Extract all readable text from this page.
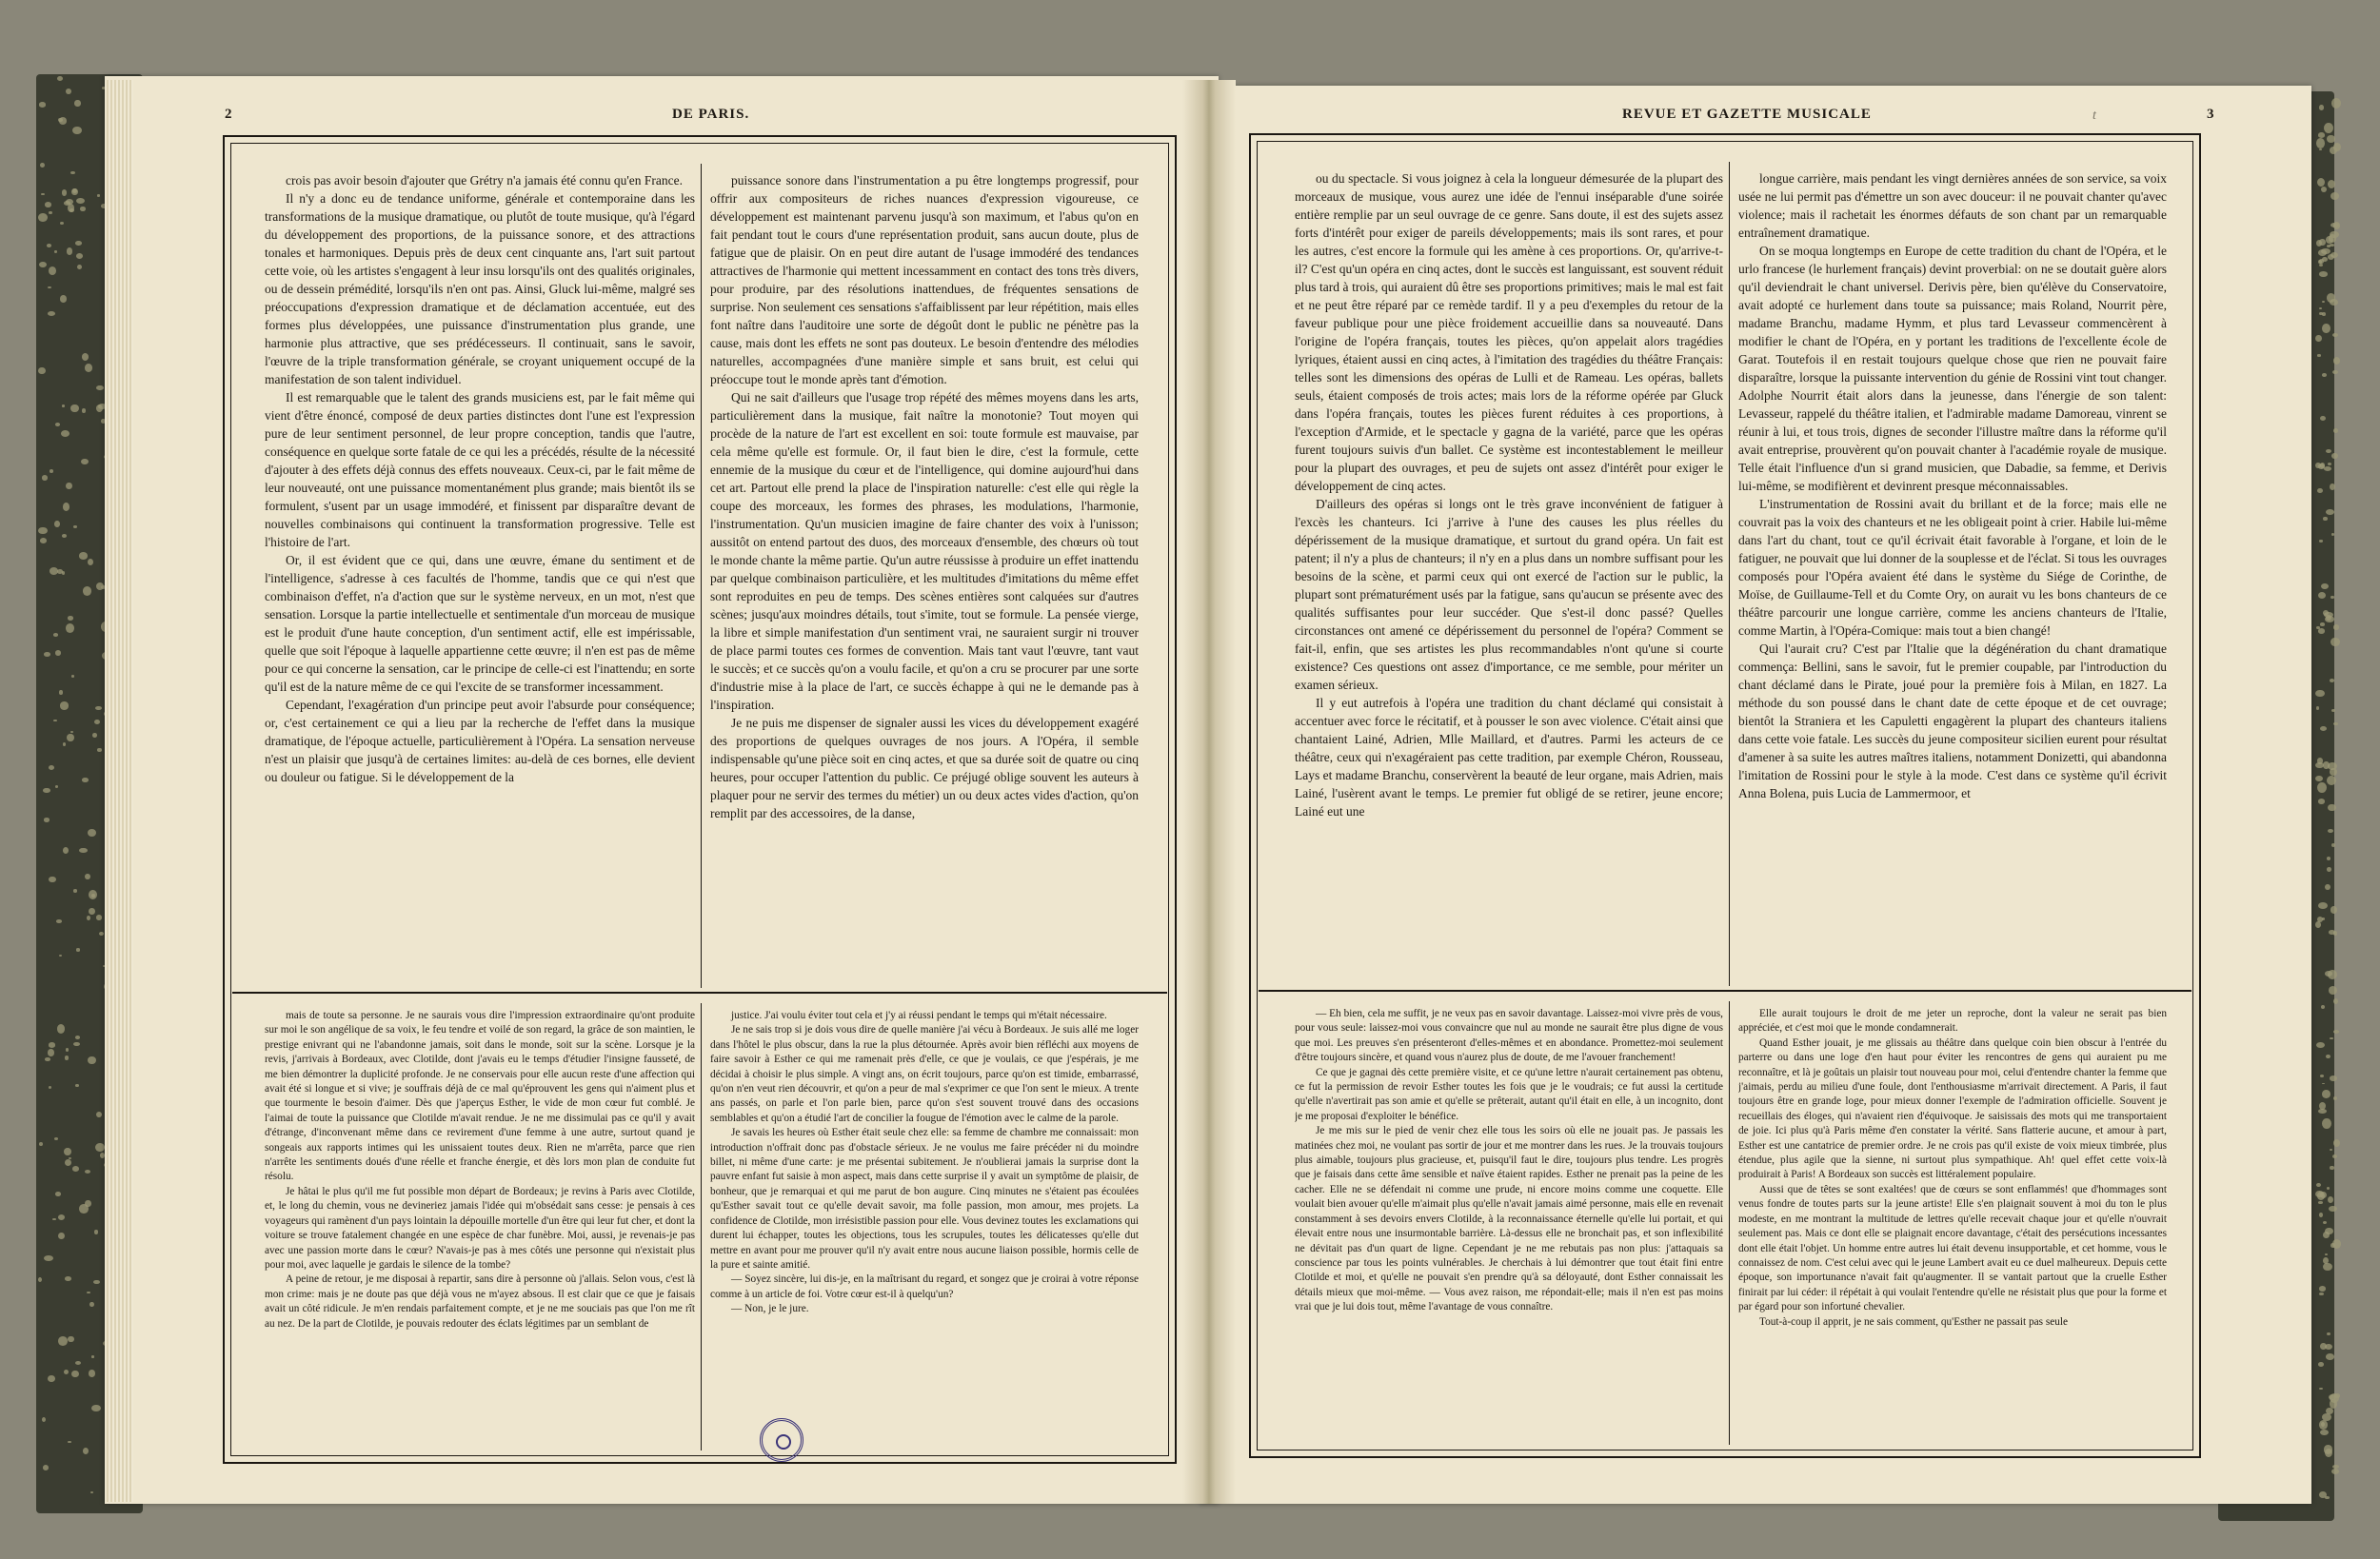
2	DE PARIS.

crois pas avoir besoin d'ajouter que Grétry n'a jamais été connu qu'en France.

Il n'y a donc eu de tendance uniforme, générale et contemporaine dans les transformations de la musique dramatique, ou plutôt de toute musique, qu'à l'égard du développement des proportions, de la puissance sonore, et des attractions tonales et harmoniques. Depuis près de deux cent cinquante ans, l'art suit partout cette voie, où les artistes s'engagent à leur insu lorsqu'ils ont des qualités originales, ou de dessein prémédité, lorsqu'ils n'en ont pas. Ainsi, Gluck lui-même, malgré ses préoccupations d'expression dramatique et de déclamation accentuée, eut des formes plus développées, une puissance d'instrumentation plus grande, une harmonie plus attractive, que ses prédécesseurs. Il continuait, sans le savoir, l'œuvre de la triple transformation générale, se croyant uniquement occupé de la manifestation de son talent individuel.

Il est remarquable que le talent des grands musiciens est, par le fait même qui vient d'être énoncé, composé de deux parties distinctes dont l'une est l'expression pure de leur sentiment personnel, de leur propre conception, tandis que l'autre, conséquence en quelque sorte fatale de ce qui les a précédés, résulte de la nécessité d'ajouter à des effets déjà connus des effets nouveaux. Ceux-ci, par le fait même de leur nouveauté, ont une puissance momentanément plus grande; mais bientôt ils se formulent, s'usent par un usage immodéré, et finissent par disparaître devant de nouvelles combinaisons qui continuent la transformation progressive. Telle est l'histoire de l'art.

Or, il est évident que ce qui, dans une œuvre, émane du sentiment et de l'intelligence, s'adresse à ces facultés de l'homme, tandis que ce qui n'est que combinaison d'effet, n'a d'action que sur le système nerveux, en un mot, n'est que sensation. Lorsque la partie intellectuelle et sentimentale d'un morceau de musique est le produit d'une haute conception, d'un sentiment actif, elle est impérissable, quelle que soit l'époque à laquelle appartienne cette œuvre; il n'en est pas de même pour ce qui concerne la sensation, car le principe de celle-ci est l'inattendu; en sorte qu'il est de la nature même de ce qui l'excite de se transformer incessamment.

Cependant, l'exagération d'un principe peut avoir l'absurde pour conséquence; or, c'est certainement ce qui a lieu par la recherche de l'effet dans la musique dramatique, de l'époque actuelle, particulièrement à l'Opéra. La sensation nerveuse n'est un plaisir que jusqu'à de certaines limites: au-delà de ces bornes, elle devient ou douleur ou fatigue. Si le développement de la

puissance sonore dans l'instrumentation a pu être longtemps progressif, pour offrir aux compositeurs de riches nuances d'expression vigoureuse, ce développement est maintenant parvenu jusqu'à son maximum, et l'abus qu'on en fait pendant tout le cours d'une représentation produit, sans aucun doute, plus de fatigue que de plaisir. On en peut dire autant de l'usage immodéré des tendances attractives de l'harmonie qui mettent incessamment en contact des tons très divers, pour produire, par des résolutions inattendues, de fréquentes sensations de surprise. Non seulement ces sensations s'affaiblissent par leur répétition, mais elles font naître dans l'auditoire une sorte de dégoût dont le public ne pénètre pas la cause, mais dont les effets ne sont pas douteux. Le besoin d'entendre des mélodies naturelles, accompagnées d'une manière simple et sans bruit, est celui qui préoccupe tout le monde après tant d'émotion.

Qui ne sait d'ailleurs que l'usage trop répété des mêmes moyens dans les arts, particulièrement dans la musique, fait naître la monotonie? Tout moyen qui procède de la nature de l'art est excellent en soi: toute formule est mauvaise, par cela même qu'elle est formule. Or, il faut bien le dire, c'est la formule, cette ennemie de la musique du cœur et de l'intelligence, qui domine aujourd'hui dans cet art. Partout elle prend la place de l'inspiration naturelle: c'est elle qui règle la coupe des morceaux, les formes des phrases, les modulations, l'harmonie, l'instrumentation. Qu'un musicien imagine de faire chanter des voix à l'unisson; aussitôt on entend partout des duos, des morceaux d'ensemble, des chœurs où tout le monde chante la même partie. Qu'un autre réussisse à produire un effet inattendu par quelque combinaison particulière, et les multitudes d'imitations du même effet sont reproduites en peu de temps. Des scènes entières sont calquées sur d'autres scènes; jusqu'aux moindres détails, tout s'imite, tout se formule. La pensée vierge, la libre et simple manifestation d'un sentiment vrai, ne sauraient surgir ni trouver de place parmi toutes ces formes de convention. Mais tant vaut l'œuvre, tant vaut le succès; et ce succès qu'on a voulu facile, et qu'on a cru se procurer par une sorte d'industrie mise à la place de l'art, ce succès échappe à qui ne le demande pas à l'inspiration.

Je ne puis me dispenser de signaler aussi les vices du développement exagéré des proportions de quelques ouvrages de nos jours. A l'Opéra, il semble indispensable qu'une pièce soit en cinq actes, et que sa durée soit de quatre ou cinq heures, pour occuper l'attention du public. Ce préjugé oblige souvent les auteurs à plaquer pour ne servir des termes du métier) un ou deux actes vides d'action, qu'on remplit par des accessoires, de la danse,

mais de toute sa personne. Je ne saurais vous dire l'impression extraordinaire qu'ont produite sur moi le son angélique de sa voix, le feu tendre et voilé de son regard, la grâce de son maintien, le prestige enivrant qui ne l'abandonne jamais, soit dans le monde, soit sur la scène. Lorsque je la revis, j'arrivais à Bordeaux, avec Clotilde, dont j'avais eu le temps d'étudier l'insigne fausseté, de me bien démontrer la duplicité profonde. Je ne conservais pour elle aucun reste d'une affection qui avait été si longue et si vive; je souffrais déjà de ce mal qu'éprouvent les gens qui n'aiment plus et que tourmente le besoin d'aimer. Dès que j'aperçus Esther, le vide de mon cœur fut comblé. Je l'aimai de toute la puissance que Clotilde m'avait rendue. Je ne me dissimulai pas ce qu'il y avait d'étrange, d'inconvenant même dans ce revirement d'une femme à une autre, surtout quand je songeais aux rapports intimes qui les unissaient toutes deux. Rien ne m'arrêta, parce que rien n'arrête les sentiments doués d'une réelle et franche énergie, et dès lors mon plan de conduite fut résolu.

Je hâtai le plus qu'il me fut possible mon départ de Bordeaux; je revins à Paris avec Clotilde, et, le long du chemin, vous ne devineriez jamais l'idée qui m'obsédait sans cesse: je pensais à ces voyageurs qui ramènent d'un pays lointain la dépouille mortelle d'un être qui leur fut cher, et dont la voiture se trouve fatalement changée en une espèce de char funèbre. Moi, aussi, je revenais-je pas avec une passion morte dans le cœur? N'avais-je pas à mes côtés une personne qui n'existait plus pour moi, avec laquelle je gardais le silence de la tombe?

A peine de retour, je me disposai à repartir, sans dire à personne où j'allais. Selon vous, c'est là mon crime: mais je ne doute pas que déjà vous ne m'ayez absous. Il est clair que ce que je faisais avait un côté ridicule. Je m'en rendais parfaitement compte, et je ne me souciais pas que l'on me rît au nez. De la part de Clotilde, je pouvais redouter des éclats légitimes par un semblant de

justice. J'ai voulu éviter tout cela et j'y ai réussi pendant le temps qui m'était nécessaire.

Je ne sais trop si je dois vous dire de quelle manière j'ai vécu à Bordeaux. Je suis allé me loger dans l'hôtel le plus obscur, dans la rue la plus détournée. Après avoir bien réfléchi aux moyens de faire savoir à Esther ce qui me ramenait près d'elle, ce que je voulais, ce que j'espérais, je me décidai à choisir le plus simple. A vingt ans, on écrit toujours, parce qu'on est timide, embarrassé, qu'on n'en veut rien découvrir, et qu'on a peur de mal s'exprimer ce que l'on sent le mieux. A trente ans passés, on parle et l'on parle bien, parce qu'on s'est souvent trouvé dans des occasions semblables et qu'on a étudié l'art de concilier la fougue de l'émotion avec le calme de la parole.

Je savais les heures où Esther était seule chez elle: sa femme de chambre me connaissait: mon introduction n'offrait donc pas d'obstacle sérieux. Je ne voulus me faire précéder ni du moindre billet, ni même d'une carte: je me présentai subitement. Je n'oublierai jamais la surprise dont la pauvre enfant fut saisie à mon aspect, mais dans cette surprise il y avait un symptôme de plaisir, de bonheur, que je remarquai et qui me parut de bon augure. Cinq minutes ne s'étaient pas écoulées qu'Esther savait tout ce qu'elle devait savoir, ma folle passion, mon amour, mes projets. La confidence de Clotilde, mon irrésistible passion pour elle. Vous devinez toutes les exclamations qui durent lui échapper, toutes les objections, tous les scrupules, toutes les délicatesses qu'elle dut mettre en avant pour me prouver qu'il n'y avait entre nous aucune liaison possible, hormis celle de la pure et sainte amitié.

— Soyez sincère, lui dis-je, en la maîtrisant du regard, et songez que je croirai à votre réponse comme à un article de foi. Votre cœur est-il à quelqu'un?

— Non, je le jure.

REVUE ET GAZETTE MUSICALE	t	3

ou du spectacle. Si vous joignez à cela la longueur démesurée de la plupart des morceaux de musique, vous aurez une idée de l'ennui inséparable d'une soirée entière remplie par un seul ouvrage de ce genre. Sans doute, il est des sujets assez forts d'intérêt pour exiger de pareils développements; mais ils sont rares, et pour les autres, c'est encore la formule qui les amène à ces proportions. Or, qu'arrive-t-il? C'est qu'un opéra en cinq actes, dont le succès est languissant, est souvent réduit plus tard à trois, qui auraient dû être ses proportions primitives; mais le mal est fait et ne peut être réparé par ce remède tardif. Il y a peu d'exemples du retour de la faveur publique pour une pièce froidement accueillie dans sa nouveauté. Dans l'origine de l'opéra français, toutes les pièces, qu'on appelait alors tragédies lyriques, étaient aussi en cinq actes, à l'imitation des tragédies du théâtre Français: telles sont les dimensions des opéras de Lulli et de Rameau. Les opéras, ballets seuls, étaient composés de trois actes; mais lors de la réforme opérée par Gluck dans l'opéra français, toutes les pièces furent réduites à ces proportions, à l'exception d'Armide, et le spectacle y gagna de la variété, parce que les opéras furent toujours suivis d'un ballet. Ce système est incontestablement le meilleur pour la plupart des ouvrages, et peu de sujets ont assez d'intérêt pour exiger le développement de cinq actes.

D'ailleurs des opéras si longs ont le très grave inconvénient de fatiguer à l'excès les chanteurs. Ici j'arrive à l'une des causes les plus réelles du dépérissement de la musique dramatique, et surtout du grand opéra. Un fait est patent; il n'y a plus de chanteurs; il n'y en a plus dans un nombre suffisant pour les besoins de la scène, et parmi ceux qui ont exercé de l'action sur le public, la plupart sont prématurément usés par la fatigue, sans qu'aucun se présente avec des qualités suffisantes pour leur succéder. Que s'est-il donc passé? Quelles circonstances ont amené ce dépérissement du personnel de l'opéra? Comment se fait-il, enfin, que ses artistes les plus recommandables n'ont qu'une si courte existence? Ces questions ont assez d'importance, ce me semble, pour mériter un examen sérieux.

Il y eut autrefois à l'opéra une tradition du chant déclamé qui consistait à accentuer avec force le récitatif, et à pousser le son avec violence. C'était ainsi que chantaient Lainé, Adrien, Mlle Maillard, et d'autres. Parmi les acteurs de ce théâtre, ceux qui n'exagéraient pas cette tradition, par exemple Chéron, Rousseau, Lays et madame Branchu, conservèrent la beauté de leur organe, mais Adrien, mais Lainé, l'usèrent avant le temps. Le premier fut obligé de se retirer, jeune encore; Lainé eut une

longue carrière, mais pendant les vingt dernières années de son service, sa voix usée ne lui permit pas d'émettre un son avec douceur: il ne pouvait chanter qu'avec violence; mais il rachetait les énormes défauts de son chant par un remarquable entraînement dramatique.

On se moqua longtemps en Europe de cette tradition du chant de l'Opéra, et le urlo francese (le hurlement français) devint proverbial: on ne se doutait guère alors qu'il deviendrait le chant universel. Derivis père, bien qu'élève du Conservatoire, avait adopté ce hurlement dans toute sa puissance; mais Roland, Nourrit père, madame Branchu, madame Hymm, et plus tard Levasseur commencèrent à modifier le chant de l'Opéra, en y portant les traditions de l'excellente école de Garat. Toutefois il en restait toujours quelque chose que rien ne pouvait faire disparaître, lorsque la puissante intervention du génie de Rossini vint tout changer. Adolphe Nourrit était alors dans la jeunesse, dans l'énergie de son talent: Levasseur, rappelé du théâtre italien, et l'admirable madame Damoreau, vinrent se réunir à lui, et tous trois, dignes de seconder l'illustre maître dans la réforme qu'il avait entreprise, prouvèrent qu'on pouvait chanter à l'académie royale de musique. Telle était l'influence d'un si grand musicien, que Dabadie, sa femme, et Derivis lui-même, se modifièrent et devinrent presque méconnaissables.

L'instrumentation de Rossini avait du brillant et de la force; mais elle ne couvrait pas la voix des chanteurs et ne les obligeait point à crier. Habile lui-même dans l'art du chant, tout ce qu'il écrivait était favorable à l'organe, et loin de le fatiguer, ne pouvait que lui donner de la souplesse et de l'éclat. Si tous les ouvrages composés pour l'Opéra avaient été dans le système du Siége de Corinthe, de Moïse, de Guillaume-Tell et du Comte Ory, on aurait vu les bons chanteurs de ce théâtre parcourir une longue carrière, comme les anciens chanteurs de l'Italie, comme Martin, à l'Opéra-Comique: mais tout a bien changé!

Qui l'aurait cru? C'est par l'Italie que la dégénération du chant dramatique commença: Bellini, sans le savoir, fut le premier coupable, par l'introduction du chant déclamé dans le Pirate, joué pour la première fois à Milan, en 1827. La méthode du son poussé dans le chant date de cette époque et de cet ouvrage; bientôt la Straniera et les Capuletti engagèrent la plupart des chanteurs italiens dans cette voie fatale. Les succès du jeune compositeur sicilien eurent pour résultat d'amener à sa suite les autres maîtres italiens, notamment Donizetti, qui abandonna l'imitation de Rossini pour le style à la mode. C'est dans ce système qu'il écrivit Anna Bolena, puis Lucia de Lammermoor, et

— Eh bien, cela me suffit, je ne veux pas en savoir davantage. Laissez-moi vivre près de vous, pour vous seule: laissez-moi vous convaincre que nul au monde ne saurait être plus digne de vous que moi. Les preuves s'en présenteront d'elles-mêmes et en abondance. Promettez-moi seulement d'être toujours sincère, et quand vous n'aurez plus de doute, de me l'avouer franchement!

Ce que je gagnai dès cette première visite, et ce qu'une lettre n'aurait certainement pas obtenu, ce fut la permission de revoir Esther toutes les fois que je le voudrais; ce fut aussi la certitude qu'elle n'avertirait pas son amie et qu'elle se prêterait, autant qu'il était en elle, à un incognito, dont je me proposai d'exploiter le bénéfice.

Je me mis sur le pied de venir chez elle tous les soirs où elle ne jouait pas. Je passais les matinées chez moi, ne voulant pas sortir de jour et me montrer dans les rues. Je la trouvais toujours plus aimable, toujours plus gracieuse, et, puisqu'il faut le dire, toujours plus tendre. Les progrès que je faisais dans cette âme sensible et naïve étaient rapides. Esther ne prenait pas la peine de les cacher. Elle ne se défendait ni comme une prude, ni encore moins comme une coquette. Elle voulait bien avouer qu'elle m'aimait plus qu'elle n'avait jamais aimé personne, mais elle en revenait constamment à ses devoirs envers Clotilde, à la reconnaissance éternelle qu'elle lui portait, et qui élevait entre nous une insurmontable barrière. Là-dessus elle ne bronchait pas, et son inflexibilité ne dévitait pas d'un quart de ligne. Cependant je ne me rebutais pas non plus: j'attaquais sa conscience par tous les points vulnérables. Je cherchais à lui démontrer que tout était fini entre Clotilde et moi, et qu'elle ne pouvait s'en prendre qu'à sa déloyauté, dont Esther connaissait les détails mieux que moi-même. — Vous avez raison, me répondait-elle; mais il n'en est pas moins vrai que je lui dois tout, même l'avantage de vous connaître.

Elle aurait toujours le droit de me jeter un reproche, dont la valeur ne serait pas bien appréciée, et c'est moi que le monde condamnerait.

Quand Esther jouait, je me glissais au théâtre dans quelque coin bien obscur à l'entrée du parterre ou dans une loge d'en haut pour éviter les rencontres de gens qui auraient pu me reconnaître, et là je goûtais un plaisir tout nouveau pour moi, celui d'entendre chanter la femme que j'aimais, perdu au milieu d'une foule, dont l'enthousiasme m'arrivait directement. A Paris, il faut toujours être en grande loge, pour mieux donner l'exemple de l'admiration officielle. Souvent je recueillais des éloges, qui n'avaient rien d'équivoque. Je saisissais des mots qui me transportaient de joie. Ici plus qu'à Paris même d'en constater la vérité. Sans flatterie aucune, et amour à part, Esther est une cantatrice de premier ordre. Je ne crois pas qu'il existe de voix mieux timbrée, plus étendue, plus agile que la sienne, ni surtout plus sympathique. Ah! quel effet cette voix-là produirait à Paris! A Bordeaux son succès est littéralement populaire.

Aussi que de têtes se sont exaltées! que de cœurs se sont enflammés! que d'hommages sont venus fondre de toutes parts sur la jeune artiste! Elle s'en plaignait souvent à moi du ton le plus modeste, en me montrant la multitude de lettres qu'elle recevait chaque jour et qu'elle n'ouvrait seulement pas. Mais ce dont elle se plaignait encore davantage, c'était des persécutions incessantes dont elle était l'objet. Un homme entre autres lui était devenu insupportable, et cet homme, vous le connaissez de nom. C'est celui avec qui le jeune Lambert avait eu ce duel malheureux. Depuis cette époque, son importunance n'avait fait qu'augmenter. Il se vantait partout que la cruelle Esther finirait par lui céder: il répétait à qui voulait l'entendre qu'elle ne résistait plus que pour la forme et par égard pour son infortuné chevalier.

Tout-à-coup il apprit, je ne sais comment, qu'Esther ne passait pas seule
